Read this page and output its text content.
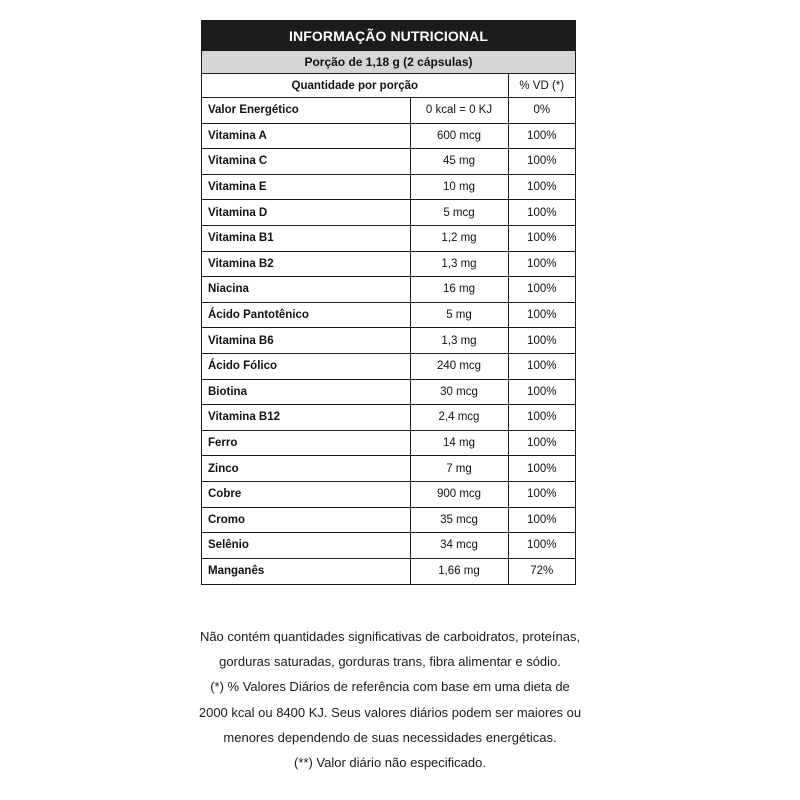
INFORMAÇÃO NUTRICIONAL
Porção de 1,18 g (2 cápsulas)
Quantidade por porção		% VD (*)
Valor Energético	0 kcal = 0 KJ	0%
Vitamina A	600 mcg	100%
Vitamina C	45 mg	100%
Vitamina E	10 mg	100%
Vitamina D	5 mcg	100%
Vitamina B1	1,2 mg	100%
Vitamina B2	1,3 mg	100%
Niacina	16 mg	100%
Ácido Pantotênico	5 mg	100%
Vitamina B6	1,3 mg	100%
Ácido Fólico	240 mcg	100%
Biotina	30 mcg	100%
Vitamina B12	2,4 mcg	100%
Ferro	14 mg	100%
Zinco	7 mg	100%
Cobre	900 mcg	100%
Cromo	35 mcg	100%
Selênio	34 mcg	100%
Manganês	1,66 mg	72%

Não contém quantidades significativas de carboidratos, proteínas,

gorduras saturadas, gorduras trans, fibra alimentar e sódio.

(*) % Valores Diários de referência com base em uma dieta de

2000 kcal ou 8400 KJ. Seus valores diários podem ser maiores ou

menores dependendo de suas necessidades energéticas.

(**) Valor diário não especificado.
